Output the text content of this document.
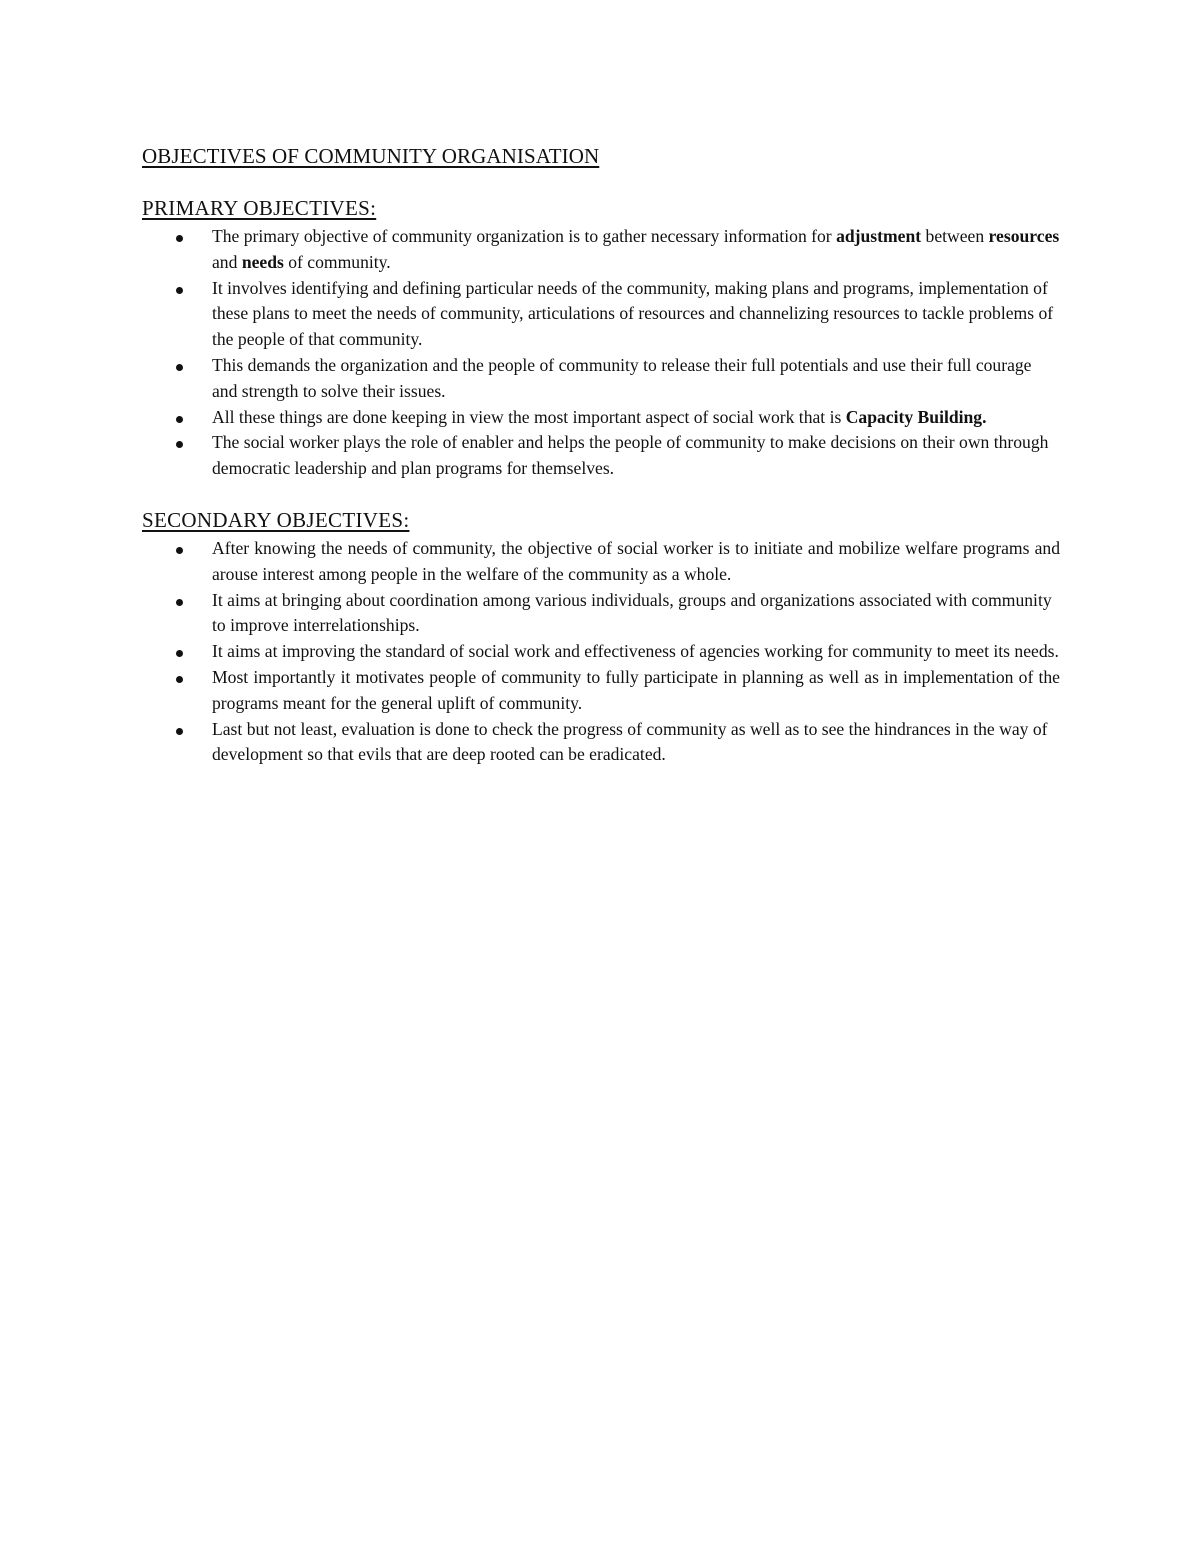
OBJECTIVES OF COMMUNITY ORGANISATION
PRIMARY OBJECTIVES:
The primary objective of community organization is to gather necessary information for adjustment between resources and needs of community.
It involves identifying and defining particular needs of the community, making plans and programs, implementation of these plans to meet the needs of community, articulations of resources and channelizing resources to tackle problems of the people of that community.
This demands the organization and the people of community to release their full potentials and use their full courage and strength to solve their issues.
All these things are done keeping in view the most important aspect of social work that is Capacity Building.
The social worker plays the role of enabler and helps the people of community to make decisions on their own through democratic leadership and plan programs for themselves.
SECONDARY OBJECTIVES:
After knowing the needs of community, the objective of social worker is to initiate and mobilize welfare programs and arouse interest among people in the welfare of the community as a whole.
It aims at bringing about coordination among various individuals, groups and organizations associated with community to improve interrelationships.
It aims at improving the standard of social work and effectiveness of agencies working for community to meet its needs.
Most importantly it motivates people of community to fully participate in planning as well as in implementation of the programs meant for the general uplift of community.
Last but not least, evaluation is done to check the progress of community as well as to see the hindrances in the way of development so that evils that are deep rooted can be eradicated.
